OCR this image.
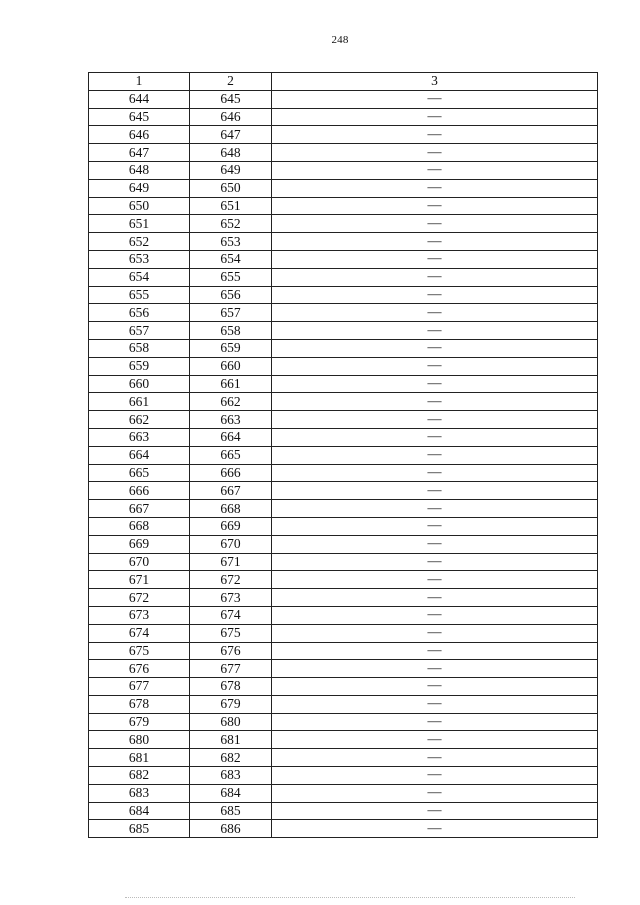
248
1	2	3
644	645	—
645	646	—
646	647	—
647	648	—
648	649	—
649	650	—
650	651	—
651	652	—
652	653	—
653	654	—
654	655	—
655	656	—
656	657	—
657	658	—
658	659	—
659	660	—
660	661	—
661	662	—
662	663	—
663	664	—
664	665	—
665	666	—
666	667	—
667	668	—
668	669	—
669	670	—
670	671	—
671	672	—
672	673	—
673	674	—
674	675	—
675	676	—
676	677	—
677	678	—
678	679	—
679	680	—
680	681	—
681	682	—
682	683	—
683	684	—
684	685	—
685	686	—
